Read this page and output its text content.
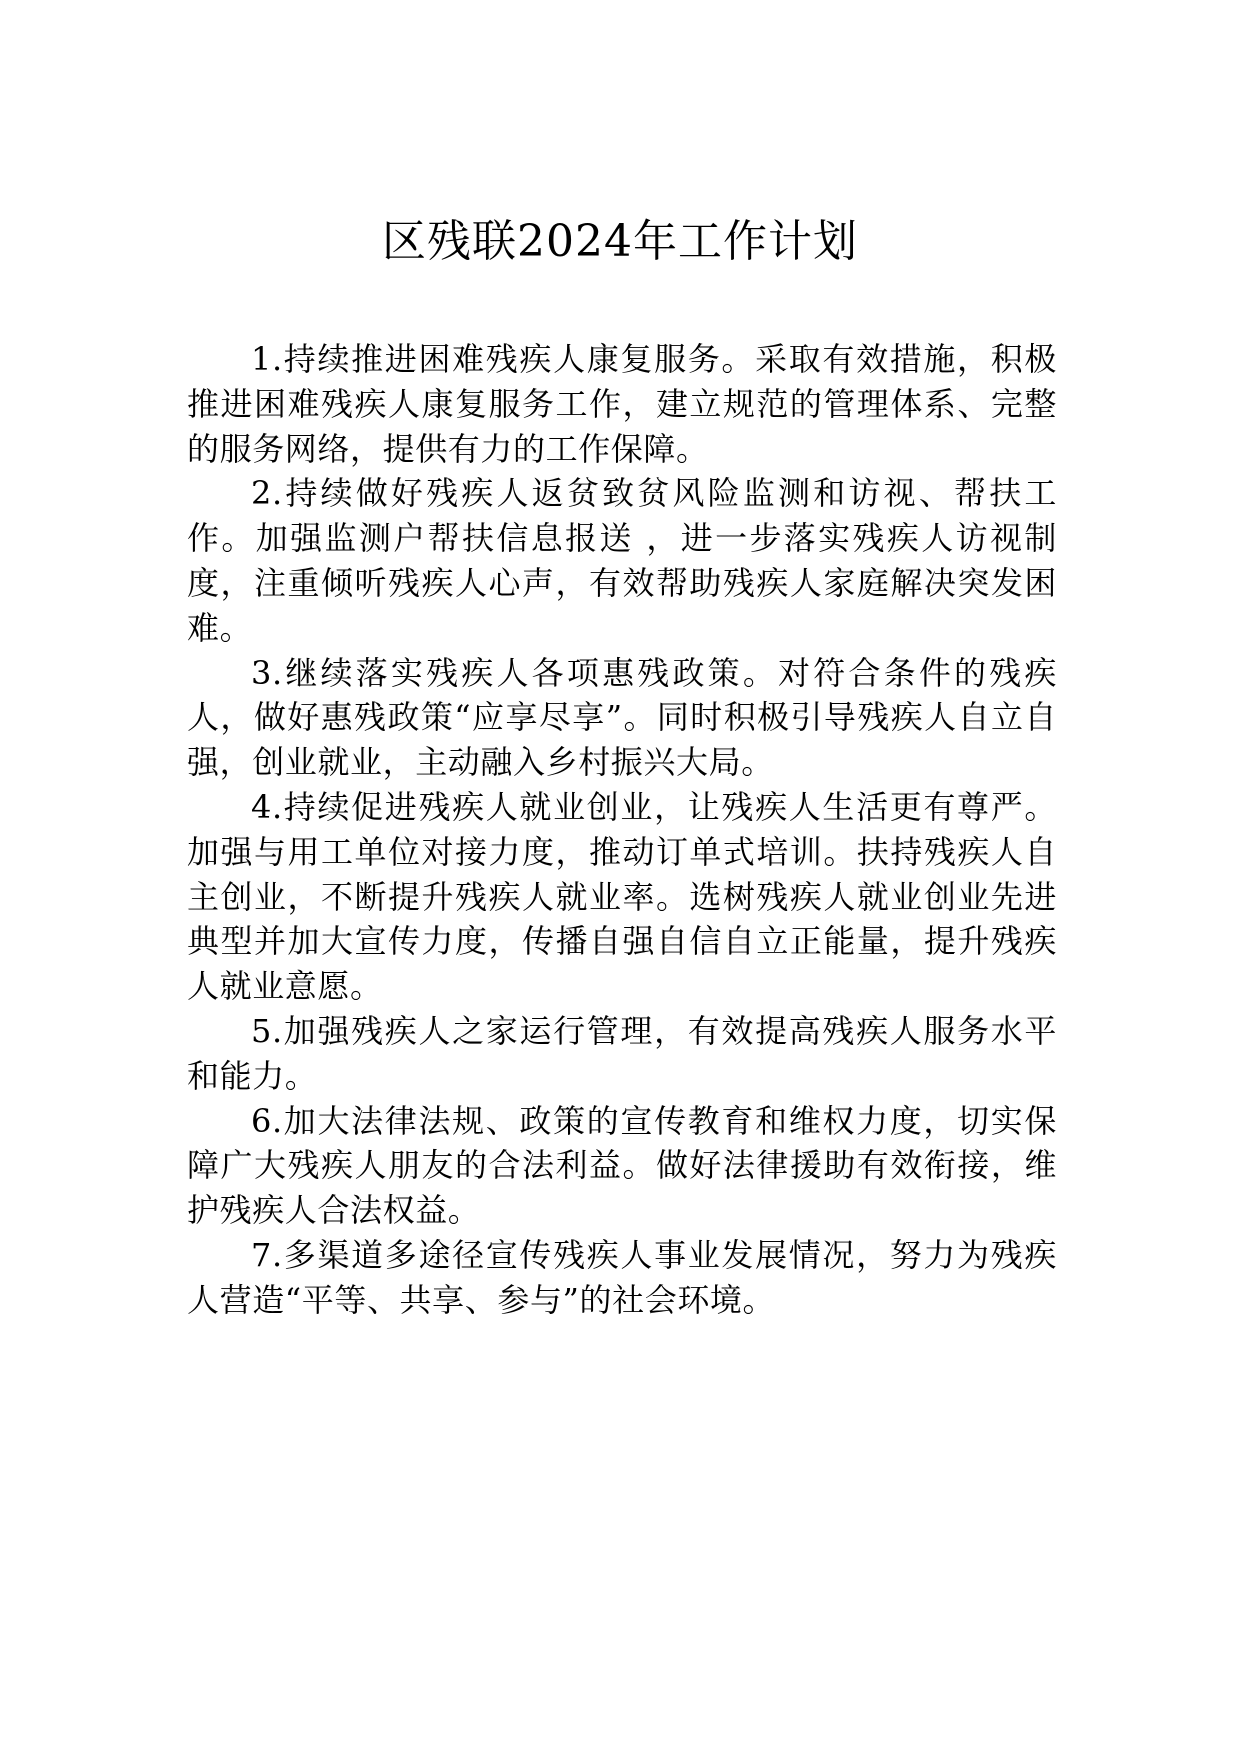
区残联2024年工作计划

1.持续推进困难残疾人康复服务。采取有效措施，积极推进困难残疾人康复服务工作，建立规范的管理体系、完整的服务网络，提供有力的工作保障。

2.持续做好残疾人返贫致贫风险监测和访视、帮扶工作。加强监测户帮扶信息报送 ，进一步落实残疾人访视制度，注重倾听残疾人心声，有效帮助残疾人家庭解决突发困难。

3.继续落实残疾人各项惠残政策。对符合条件的残疾人，做好惠残政策“应享尽享”。同时积极引导残疾人自立自强，创业就业，主动融入乡村振兴大局。

4.持续促进残疾人就业创业，让残疾人生活更有尊严。加强与用工单位对接力度，推动订单式培训。扶持残疾人自主创业，不断提升残疾人就业率。选树残疾人就业创业先进典型并加大宣传力度，传播自强自信自立正能量，提升残疾人就业意愿。

5.加强残疾人之家运行管理，有效提高残疾人服务水平和能力。

6.加大法律法规、政策的宣传教育和维权力度，切实保障广大残疾人朋友的合法利益。做好法律援助有效衔接，维护残疾人合法权益。

7.多渠道多途径宣传残疾人事业发展情况，努力为残疾人营造“平等、共享、参与”的社会环境。
